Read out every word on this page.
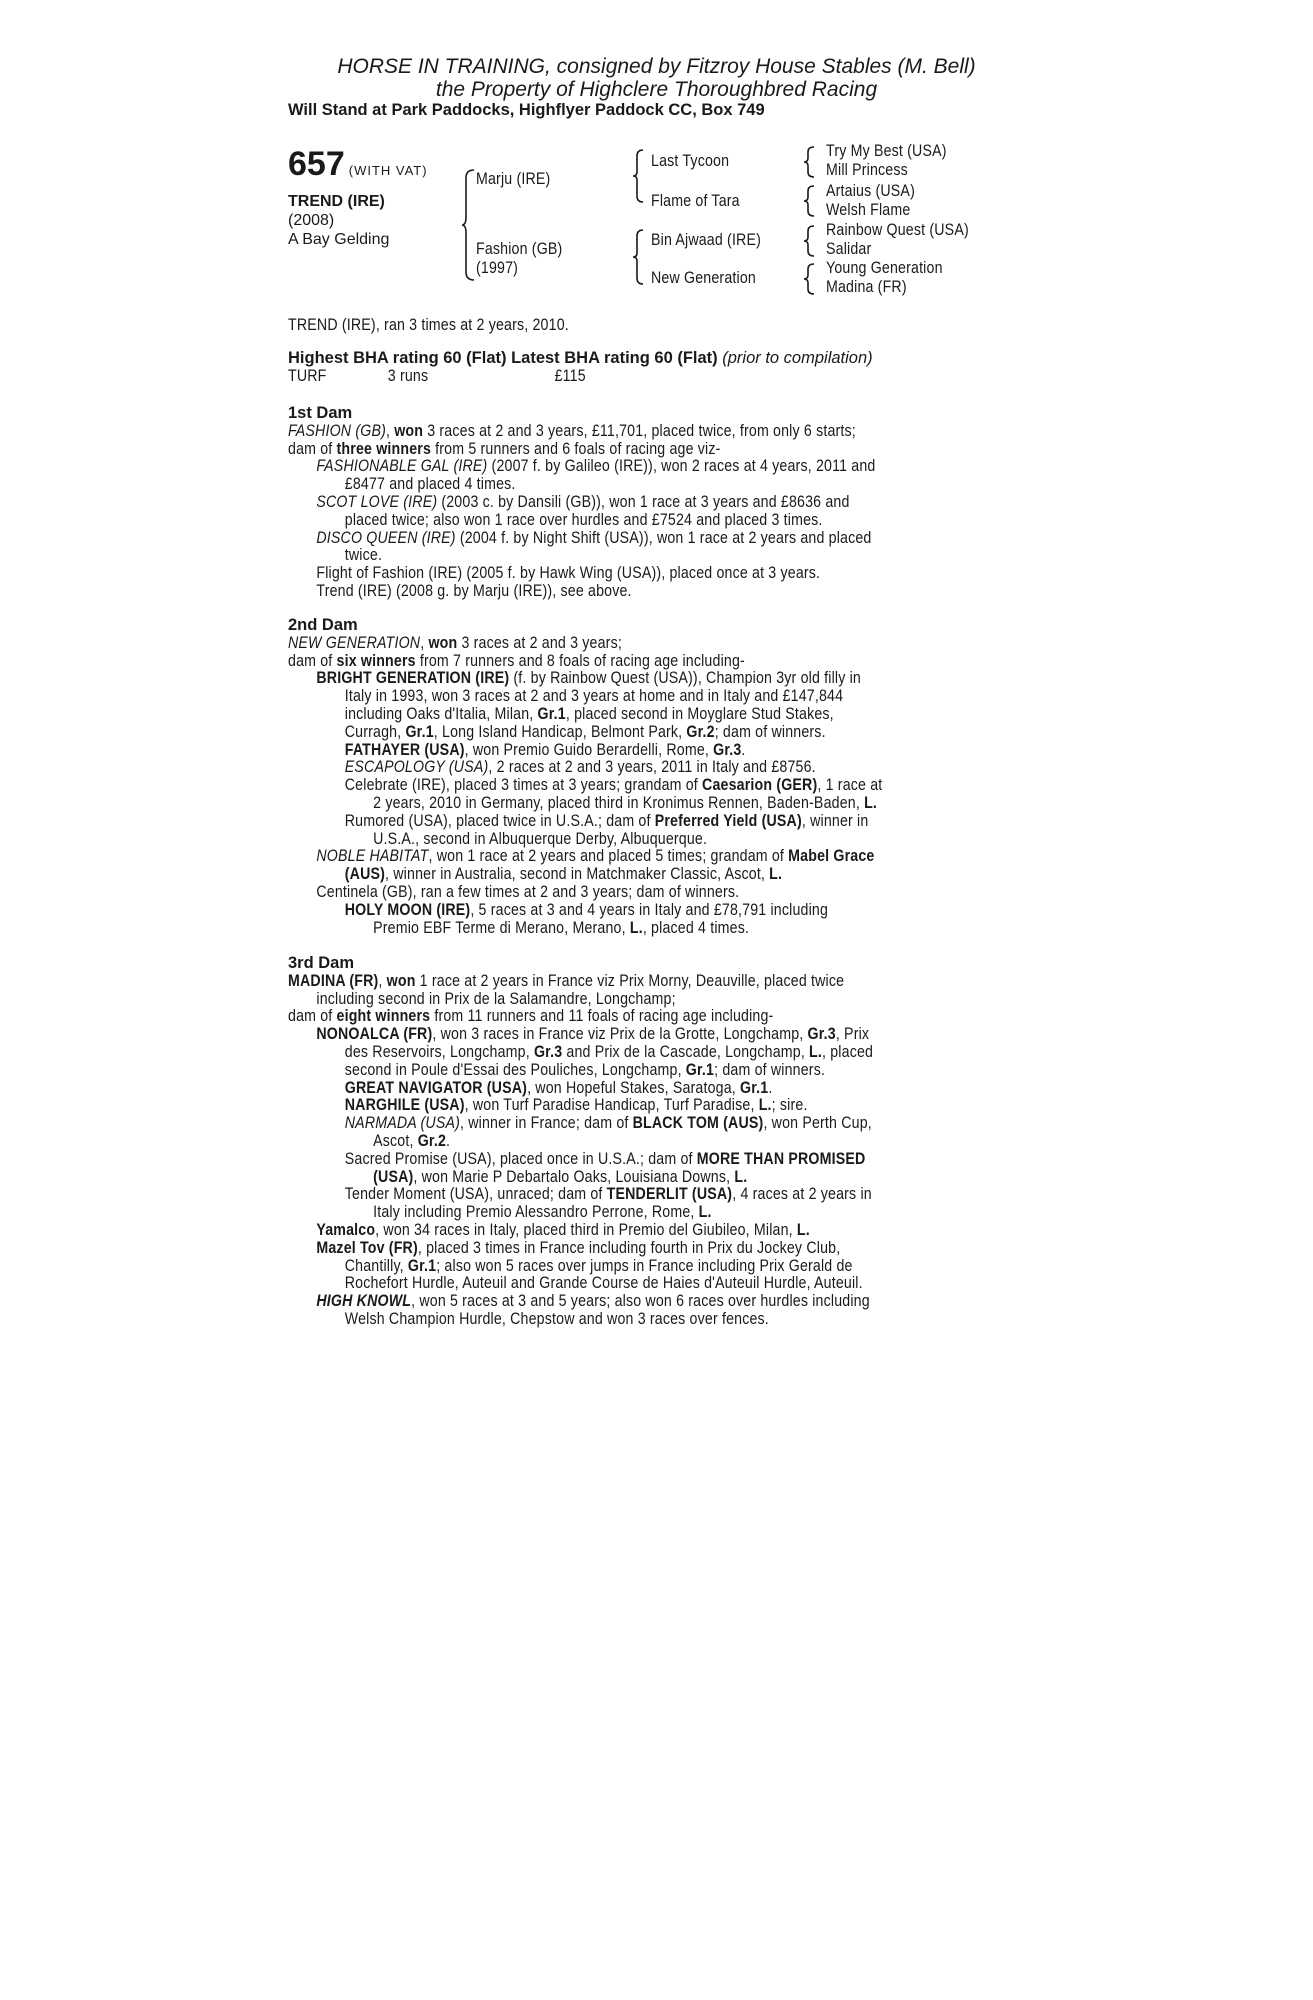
HORSE IN TRAINING, consigned by Fitzroy House Stables (M. Bell)
the Property of Highclere Thoroughbred Racing
Will Stand at Park Paddocks, Highflyer Paddock CC, Box 749
657 (WITH VAT)
TREND (IRE)
(2008)
A Bay Gelding
Marju (IRE)
Fashion (GB)
(1997)
Last Tycoon
Flame of Tara
Bin Ajwaad (IRE)
New Generation
Try My Best (USA)
Mill Princess
Artaius (USA)
Welsh Flame
Rainbow Quest (USA)
Salidar
Young Generation
Madina (FR)
TREND (IRE), ran 3 times at 2 years, 2010.
Highest BHA rating 60 (Flat) Latest BHA rating 60 (Flat) (prior to compilation)
TURF	3 runs	£115
1st Dam
FASHION (GB), won 3 races at 2 and 3 years, £11,701, placed twice, from only 6 starts;
dam of three winners from 5 runners and 6 foals of racing age viz-
FASHIONABLE GAL (IRE) (2007 f. by Galileo (IRE)), won 2 races at 4 years, 2011 and
£8477 and placed 4 times.
SCOT LOVE (IRE) (2003 c. by Dansili (GB)), won 1 race at 3 years and £8636 and
placed twice; also won 1 race over hurdles and £7524 and placed 3 times.
DISCO QUEEN (IRE) (2004 f. by Night Shift (USA)), won 1 race at 2 years and placed
twice.
Flight of Fashion (IRE) (2005 f. by Hawk Wing (USA)), placed once at 3 years.
Trend (IRE) (2008 g. by Marju (IRE)), see above.
2nd Dam
NEW GENERATION, won 3 races at 2 and 3 years;
dam of six winners from 7 runners and 8 foals of racing age including-
BRIGHT GENERATION (IRE) (f. by Rainbow Quest (USA)), Champion 3yr old filly in
Italy in 1993, won 3 races at 2 and 3 years at home and in Italy and £147,844
including Oaks d'Italia, Milan, Gr.1, placed second in Moyglare Stud Stakes,
Curragh, Gr.1, Long Island Handicap, Belmont Park, Gr.2; dam of winners.
FATHAYER (USA), won Premio Guido Berardelli, Rome, Gr.3.
ESCAPOLOGY (USA), 2 races at 2 and 3 years, 2011 in Italy and £8756.
Celebrate (IRE), placed 3 times at 3 years; grandam of Caesarion (GER), 1 race at
2 years, 2010 in Germany, placed third in Kronimus Rennen, Baden-Baden, L.
Rumored (USA), placed twice in U.S.A.; dam of Preferred Yield (USA), winner in
U.S.A., second in Albuquerque Derby, Albuquerque.
NOBLE HABITAT, won 1 race at 2 years and placed 5 times; grandam of Mabel Grace
(AUS), winner in Australia, second in Matchmaker Classic, Ascot, L.
Centinela (GB), ran a few times at 2 and 3 years; dam of winners.
HOLY MOON (IRE), 5 races at 3 and 4 years in Italy and £78,791 including
Premio EBF Terme di Merano, Merano, L., placed 4 times.
3rd Dam
MADINA (FR), won 1 race at 2 years in France viz Prix Morny, Deauville, placed twice
including second in Prix de la Salamandre, Longchamp;
dam of eight winners from 11 runners and 11 foals of racing age including-
NONOALCA (FR), won 3 races in France viz Prix de la Grotte, Longchamp, Gr.3, Prix
des Reservoirs, Longchamp, Gr.3 and Prix de la Cascade, Longchamp, L., placed
second in Poule d'Essai des Pouliches, Longchamp, Gr.1; dam of winners.
GREAT NAVIGATOR (USA), won Hopeful Stakes, Saratoga, Gr.1.
NARGHILE (USA), won Turf Paradise Handicap, Turf Paradise, L.; sire.
NARMADA (USA), winner in France; dam of BLACK TOM (AUS), won Perth Cup,
Ascot, Gr.2.
Sacred Promise (USA), placed once in U.S.A.; dam of MORE THAN PROMISED
(USA), won Marie P Debartalo Oaks, Louisiana Downs, L.
Tender Moment (USA), unraced; dam of TENDERLIT (USA), 4 races at 2 years in
Italy including Premio Alessandro Perrone, Rome, L.
Yamalco, won 34 races in Italy, placed third in Premio del Giubileo, Milan, L.
Mazel Tov (FR), placed 3 times in France including fourth in Prix du Jockey Club,
Chantilly, Gr.1; also won 5 races over jumps in France including Prix Gerald de
Rochefort Hurdle, Auteuil and Grande Course de Haies d'Auteuil Hurdle, Auteuil.
HIGH KNOWL, won 5 races at 3 and 5 years; also won 6 races over hurdles including
Welsh Champion Hurdle, Chepstow and won 3 races over fences.
